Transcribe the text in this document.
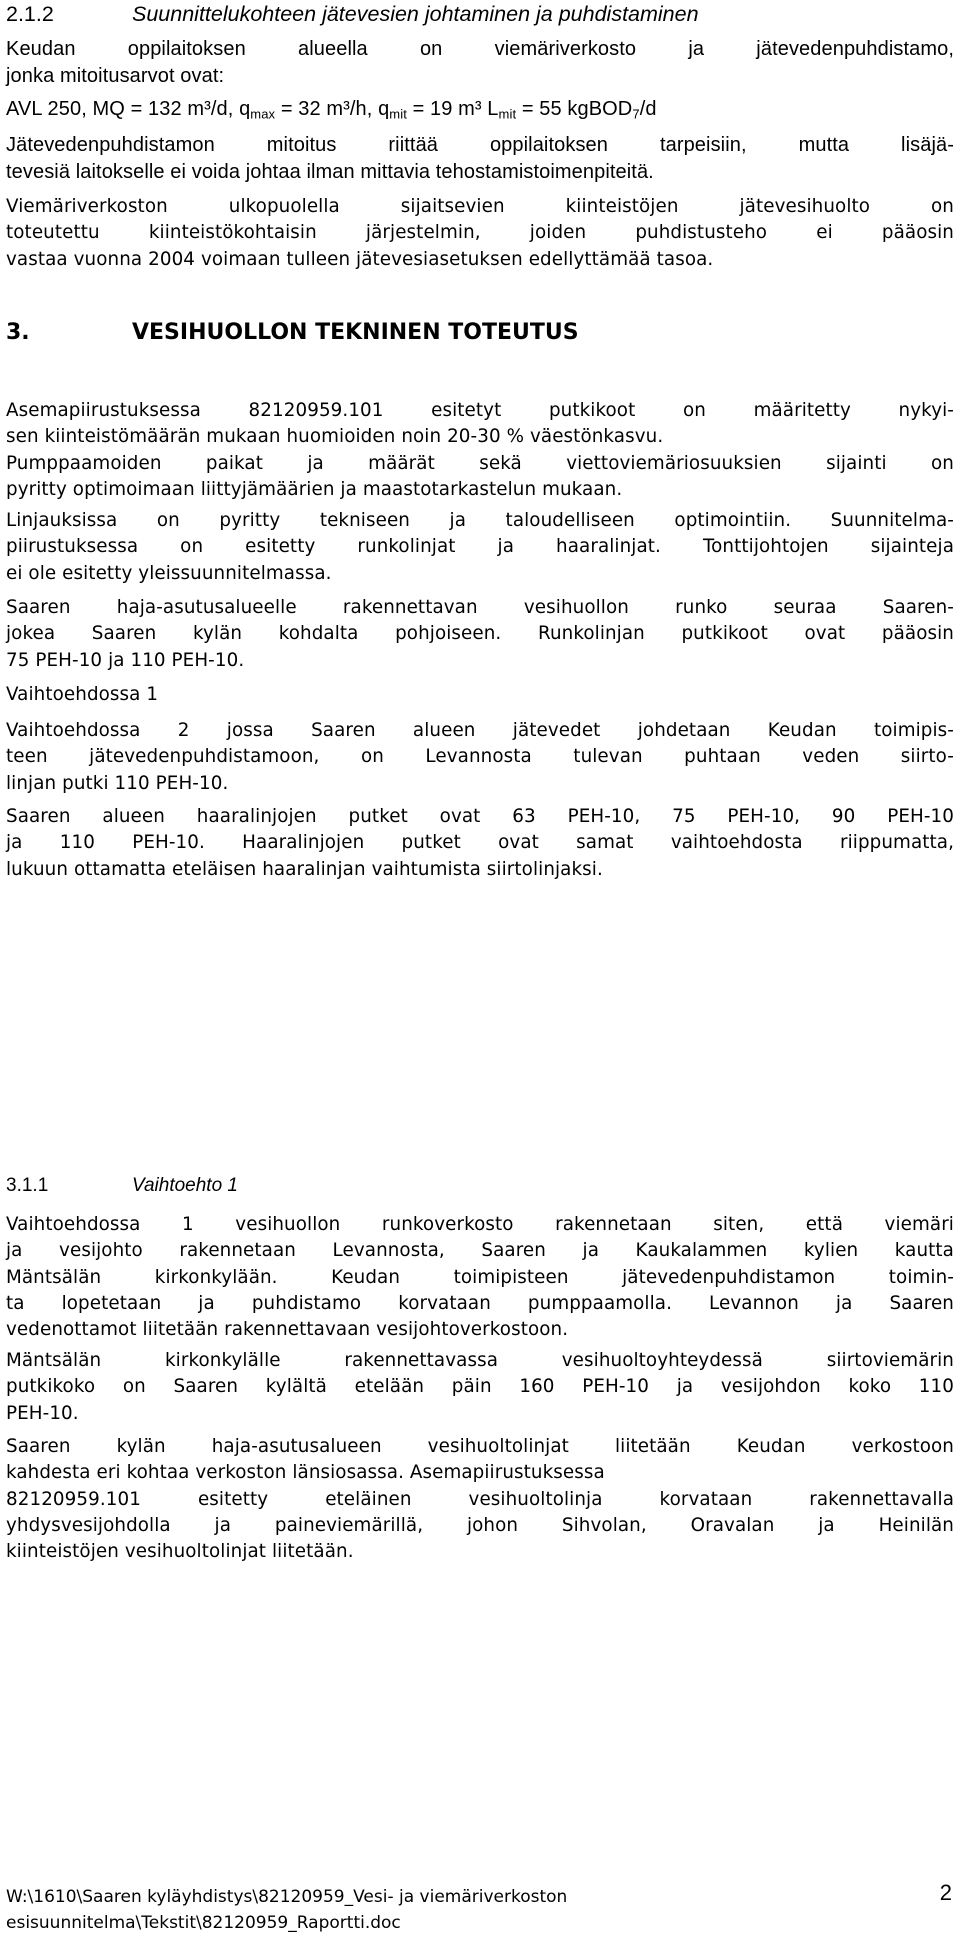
2.1.2	Suunnittelukohteen jätevesien johtaminen ja puhdistaminen
Keudan oppilaitoksen alueella on viemäriverkosto ja jätevedenpuhdistamo,
jonka mitoitusarvot ovat:
AVL 250, MQ = 132 m³/d, $q_{max} = 32$ m³/h, $q_{mit} = 19$ m³ $L_{mit} = 55$ kgBOD$_7$/d
Jätevedenpuhdistamon mitoitus riittää oppilaitoksen tarpeisiin, mutta lisäjä-
tevesiä laitokselle ei voida johtaa ilman mittavia tehostamistoimenpiteitä.
Viemäriverkoston ulkopuolella sijaitsevien kiinteistöjen jätevesihuolto on
toteutettu kiinteistökohtaisin järjestelmin, joiden puhdistusteho ei pääosin
vastaa vuonna 2004 voimaan tulleen jätevesiasetuksen edellyttämää tasoa.
3.	VESIHUOLLON TEKNINEN TOTEUTUS
Asemapiirustuksessa 82120959.101 esitetyt putkikoot on määritetty nykyi-
sen kiinteistömäärän mukaan huomioiden noin 20-30 % väestönkasvu.
Pumppaamoiden paikat ja määrät sekä viettoviemäriosuuksien sijainti on
pyritty optimoimaan liittyjämäärien ja maastotarkastelun mukaan.
Linjauksissa on pyritty tekniseen ja taloudelliseen optimointiin. Suunnitelma-
piirustuksessa on esitetty runkolinjat ja haaralinjat. Tonttijohtojen sijainteja
ei ole esitetty yleissuunnitelmassa.
Saaren haja-asutusalueelle rakennettavan vesihuollon runko seuraa Saaren-
jokea Saaren kylän kohdalta pohjoiseen. Runkolinjan putkikoot ovat pääosin
75 PEH-10 ja 110 PEH-10.
Vaihtoehdossa 1
Vaihtoehdossa 2 jossa Saaren alueen jätevedet johdetaan Keudan toimipis-
teen jätevedenpuhdistamoon, on Levannosta tulevan puhtaan veden siirto-
linjan putki 110 PEH-10.
Saaren alueen haaralinjojen putket ovat 63 PEH-10, 75 PEH-10, 90 PEH-10
ja 110 PEH-10. Haaralinjojen putket ovat samat vaihtoehdosta riippumatta,
lukuun ottamatta eteläisen haaralinjan vaihtumista siirtolinjaksi.
3.1.1	Vaihtoehto 1
Vaihtoehdossa 1 vesihuollon runkoverkosto rakennetaan siten, että viemäri
ja vesijohto rakennetaan Levannosta, Saaren ja Kaukalammen kylien kautta
Mäntsälän kirkonkylään. Keudan toimipisteen jätevedenpuhdistamon toimin-
ta lopetetaan ja puhdistamo korvataan pumppaamolla. Levannon ja Saaren
vedenottamot liitetään rakennettavaan vesijohtoverkostoon.
Mäntsälän kirkonkylälle rakennettavassa vesihuoltoyhteydessä siirtoviemärin
putkikoko on Saaren kylältä etelään päin 160 PEH-10 ja vesijohdon koko 110
PEH-10.
Saaren kylän haja-asutusalueen vesihuoltolinjat liitetään Keudan verkostoon
kahdesta eri kohtaa verkoston länsiosassa. Asemapiirustuksessa
82120959.101 esitetty eteläinen vesihuoltolinja korvataan rakennettavalla
yhdysvesijohdolla ja paineviemärillä, johon Sihvolan, Oravalan ja Heinilän
kiinteistöjen vesihuoltolinjat liitetään.
W:\1610\Saaren kyläyhdistys\82120959_Vesi- ja viemäriverkoston
esisuunnitelma\Tekstit\82120959_Raportti.doc
2
